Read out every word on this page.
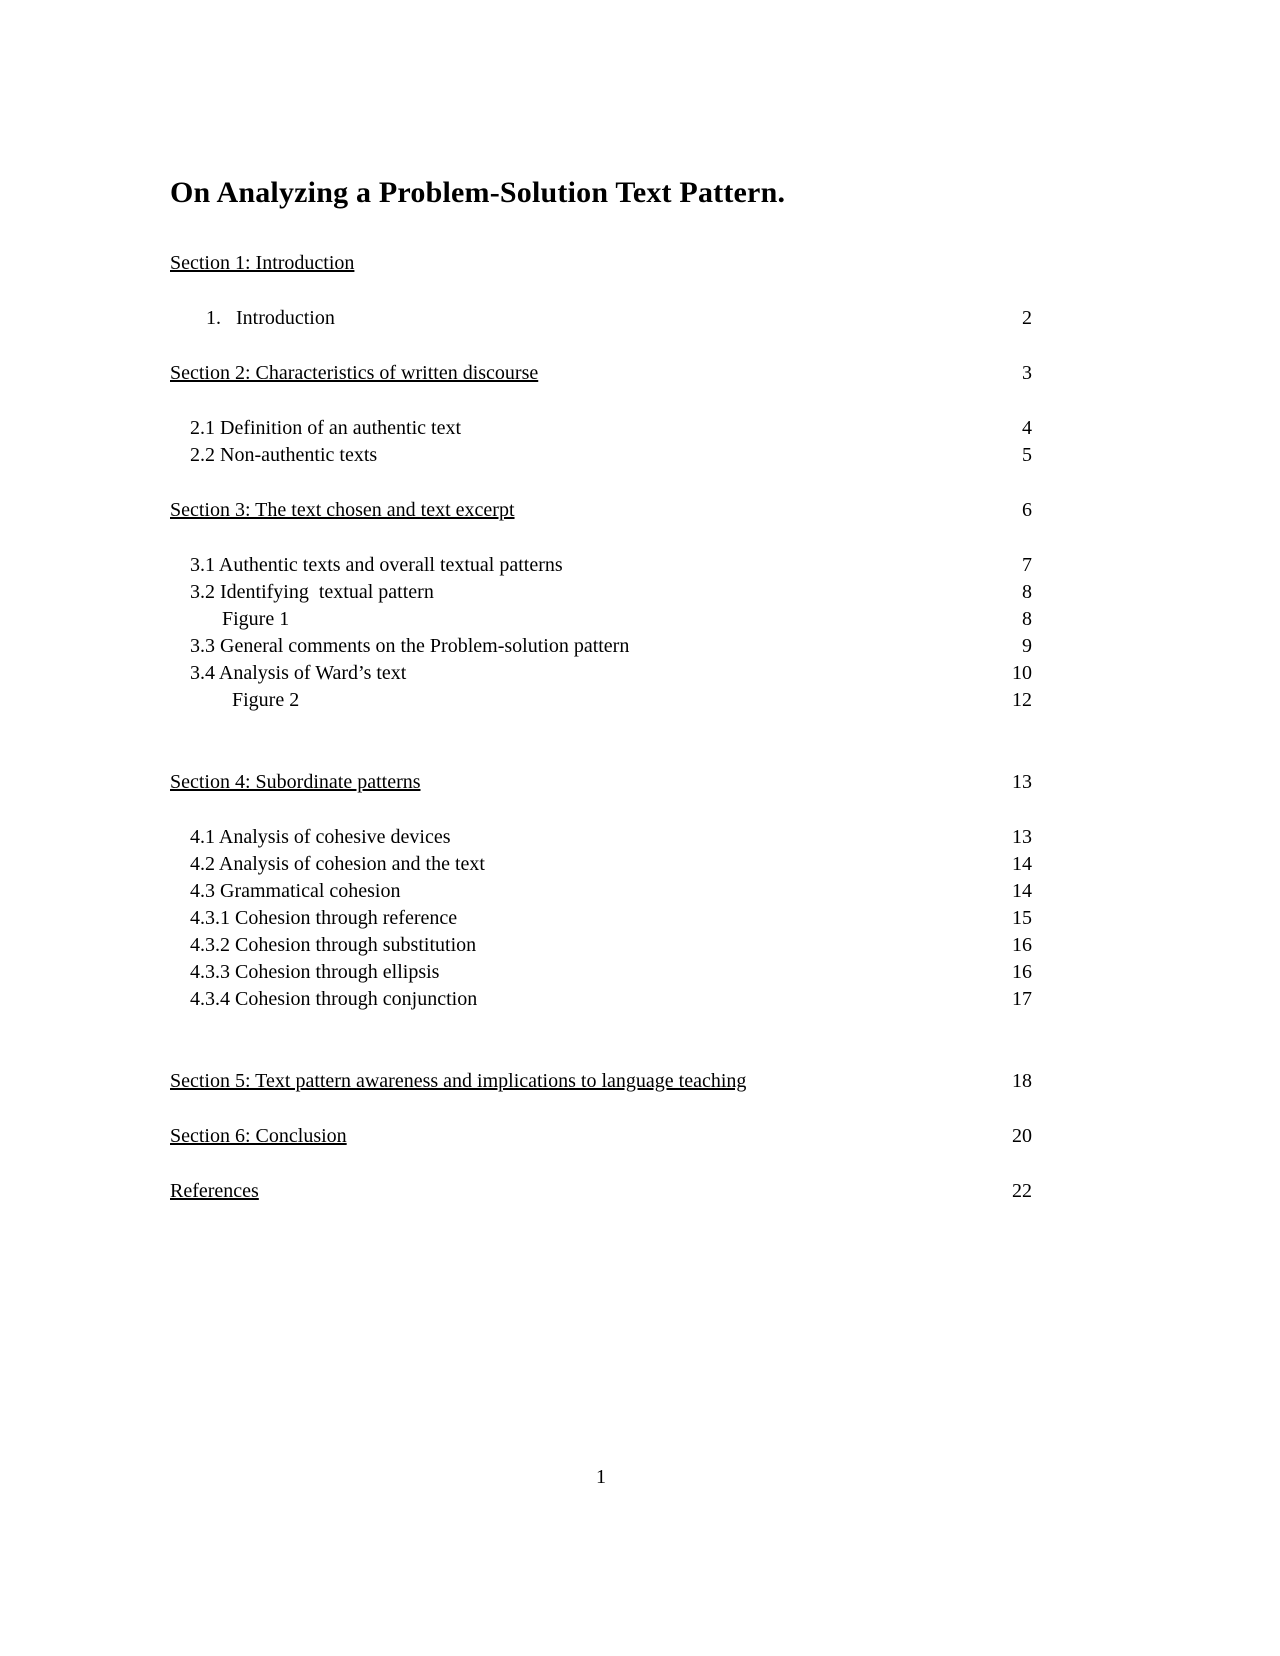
On Analyzing a Problem-Solution Text Pattern.
Section 1: Introduction
1.   Introduction	2
Section 2: Characteristics of written discourse	3
2.1 Definition of an authentic text	4
2.2 Non-authentic texts	5
Section 3: The text chosen and text excerpt	6
3.1 Authentic texts and overall textual patterns	7
3.2 Identifying  textual pattern	8
Figure 1	8
3.3 General comments on the Problem-solution pattern	9
3.4 Analysis of Ward’s text	10
Figure 2	12
Section 4: Subordinate patterns	13
4.1 Analysis of cohesive devices	13
4.2 Analysis of cohesion and the text	14
4.3 Grammatical cohesion	14
4.3.1 Cohesion through reference	15
4.3.2 Cohesion through substitution	16
4.3.3 Cohesion through ellipsis	16
4.3.4 Cohesion through conjunction	17
Section 5: Text pattern awareness and implications to language teaching	18
Section 6: Conclusion	20
References	22
1
